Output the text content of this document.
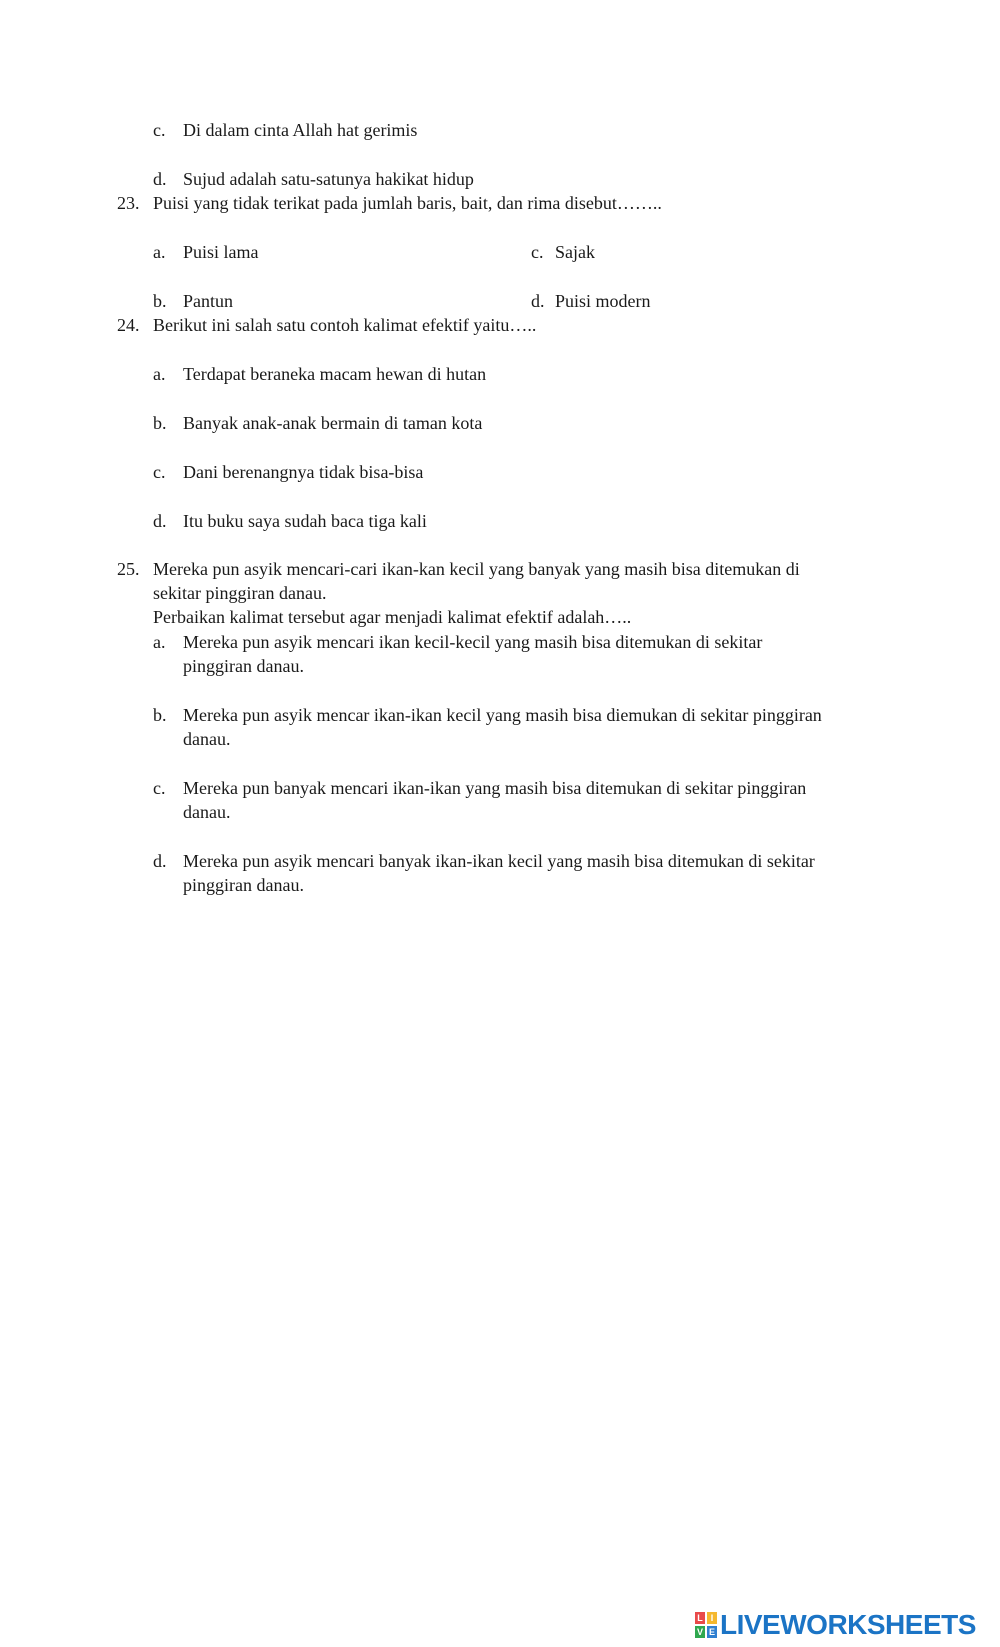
c. Di dalam cinta Allah hat gerimis
d. Sujud adalah satu-satunya hakikat hidup
23. Puisi yang tidak terikat pada jumlah baris, bait, dan rima disebut……..
a. Puisi lama	c. Sajak
b. Pantun	d. Puisi modern
24. Berikut ini salah satu contoh kalimat efektif yaitu…..
a. Terdapat beraneka macam hewan di hutan
b. Banyak anak-anak bermain di taman kota
c. Dani berenangnya tidak bisa-bisa
d. Itu buku saya sudah baca tiga kali
25. Mereka pun asyik mencari-cari ikan-kan kecil yang banyak yang masih bisa ditemukan di
sekitar pinggiran danau.
Perbaikan kalimat tersebut agar menjadi kalimat efektif adalah…..
a. Mereka pun asyik mencari ikan kecil-kecil yang masih bisa ditemukan di sekitar
pinggiran danau.
b. Mereka pun asyik mencar ikan-ikan kecil yang masih bisa diemukan di sekitar pinggiran
danau.
c. Mereka pun banyak mencari ikan-ikan yang masih bisa ditemukan di sekitar pinggiran
danau.
d. Mereka pun asyik mencari banyak ikan-ikan kecil yang masih bisa ditemukan di sekitar
pinggiran danau.
L I
V E LIVEWORKSHEETS
